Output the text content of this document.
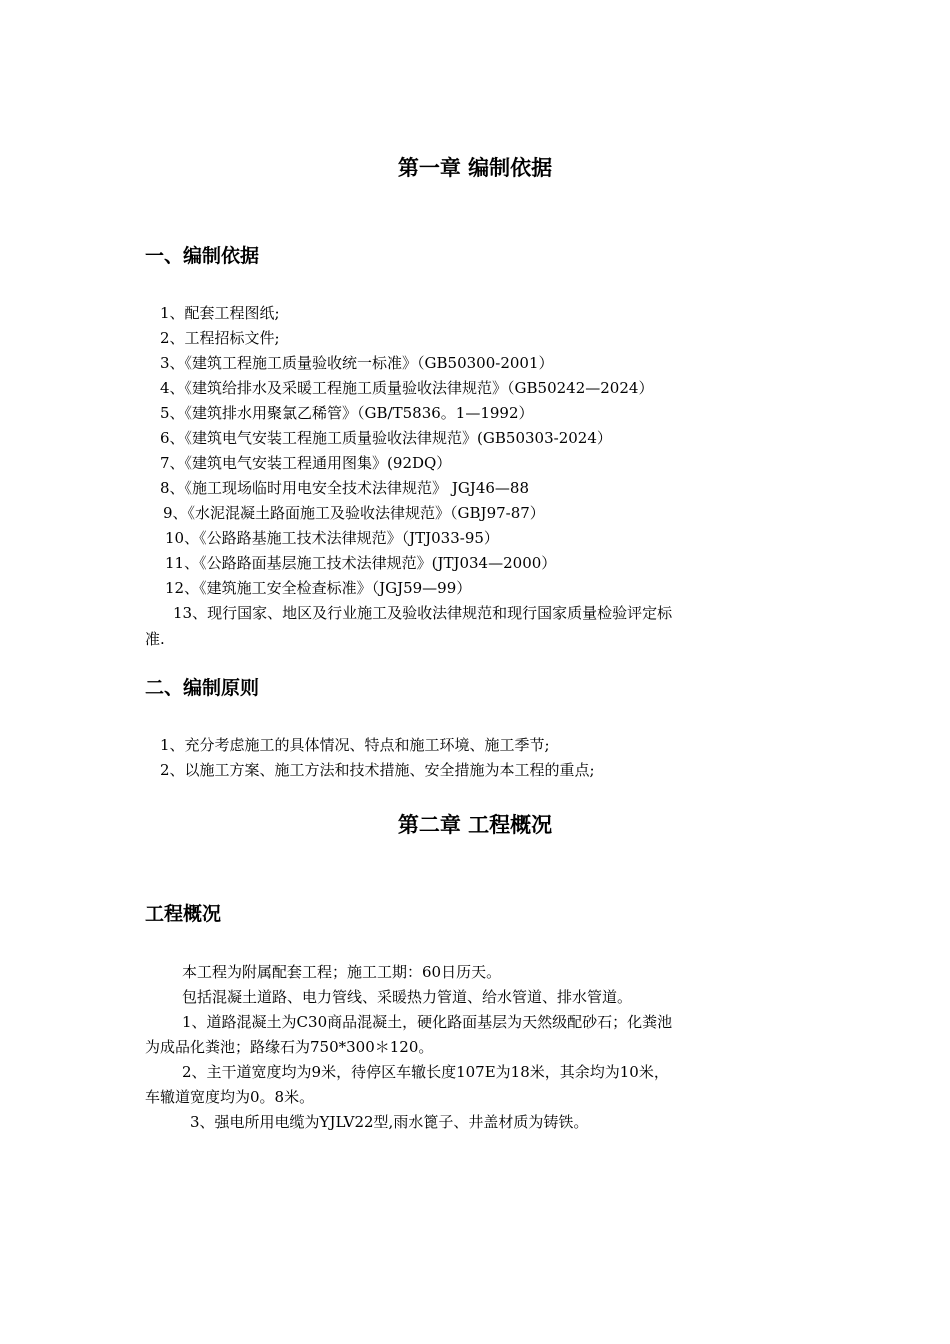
第一章 编制依据
一、编制依据

1、配套工程图纸;

2、工程招标文件;

3、《建筑工程施工质量验收统一标准》（GB50300-2001）

4、《建筑给排水及采暖工程施工质量验收法律规范》（GB50242—2024）

5、《建筑排水用聚氯乙稀管》（GB/T5836。1—1992）

6、《建筑电气安装工程施工质量验收法律规范》(GB50303-2024）

7、《建筑电气安装工程通用图集》(92DQ）

8、《施工现场临时用电安全技术法律规范》 JGJ46—88

9、《水泥混凝土路面施工及验收法律规范》（GBJ97-87）

10、《公路路基施工技术法律规范》（JTJ033-95）

11、《公路路面基层施工技术法律规范》(JTJ034—2000）

12、《建筑施工安全检查标准》（JGJ59—99）

13、现行国家、地区及行业施工及验收法律规范和现行国家质量检验评定标

准.

二、编制原则

1、充分考虑施工的具体情况、特点和施工环境、施工季节;

2、以施工方案、施工方法和技术措施、安全措施为本工程的重点;

第二章 工程概况
工程概况

本工程为附属配套工程；施工工期：60日历天。

包括混凝土道路、电力管线、采暖热力管道、给水管道、排水管道。

1、道路混凝土为C30商品混凝土，硬化路面基层为天然级配砂石；化粪池

为成品化粪池；路缘石为750*300＊120。

2、主干道宽度均为9米，待停区车辙长度107E为18米，其余均为10米，

车辙道宽度均为0。8米。

3、强电所用电缆为YJLV22型,雨水篦子、井盖材质为铸铁。
